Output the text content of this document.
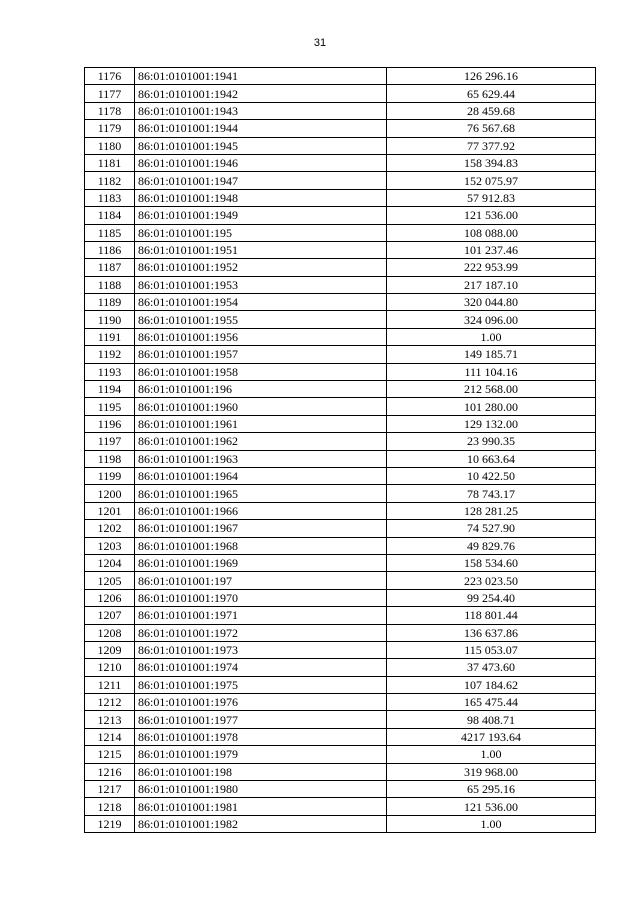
31
1176	86:01:0101001:1941	126 296.16
1177	86:01:0101001:1942	65 629.44
1178	86:01:0101001:1943	28 459.68
1179	86:01:0101001:1944	76 567.68
1180	86:01:0101001:1945	77 377.92
1181	86:01:0101001:1946	158 394.83
1182	86:01:0101001:1947	152 075.97
1183	86:01:0101001:1948	57 912.83
1184	86:01:0101001:1949	121 536.00
1185	86:01:0101001:195	108 088.00
1186	86:01:0101001:1951	101 237.46
1187	86:01:0101001:1952	222 953.99
1188	86:01:0101001:1953	217 187.10
1189	86:01:0101001:1954	320 044.80
1190	86:01:0101001:1955	324 096.00
1191	86:01:0101001:1956	1.00
1192	86:01:0101001:1957	149 185.71
1193	86:01:0101001:1958	111 104.16
1194	86:01:0101001:196	212 568.00
1195	86:01:0101001:1960	101 280.00
1196	86:01:0101001:1961	129 132.00
1197	86:01:0101001:1962	23 990.35
1198	86:01:0101001:1963	10 663.64
1199	86:01:0101001:1964	10 422.50
1200	86:01:0101001:1965	78 743.17
1201	86:01:0101001:1966	128 281.25
1202	86:01:0101001:1967	74 527.90
1203	86:01:0101001:1968	49 829.76
1204	86:01:0101001:1969	158 534.60
1205	86:01:0101001:197	223 023.50
1206	86:01:0101001:1970	99 254.40
1207	86:01:0101001:1971	118 801.44
1208	86:01:0101001:1972	136 637.86
1209	86:01:0101001:1973	115 053.07
1210	86:01:0101001:1974	37 473.60
1211	86:01:0101001:1975	107 184.62
1212	86:01:0101001:1976	165 475.44
1213	86:01:0101001:1977	98 408.71
1214	86:01:0101001:1978	4217 193.64
1215	86:01:0101001:1979	1.00
1216	86:01:0101001:198	319 968.00
1217	86:01:0101001:1980	65 295.16
1218	86:01:0101001:1981	121 536.00
1219	86:01:0101001:1982	1.00
